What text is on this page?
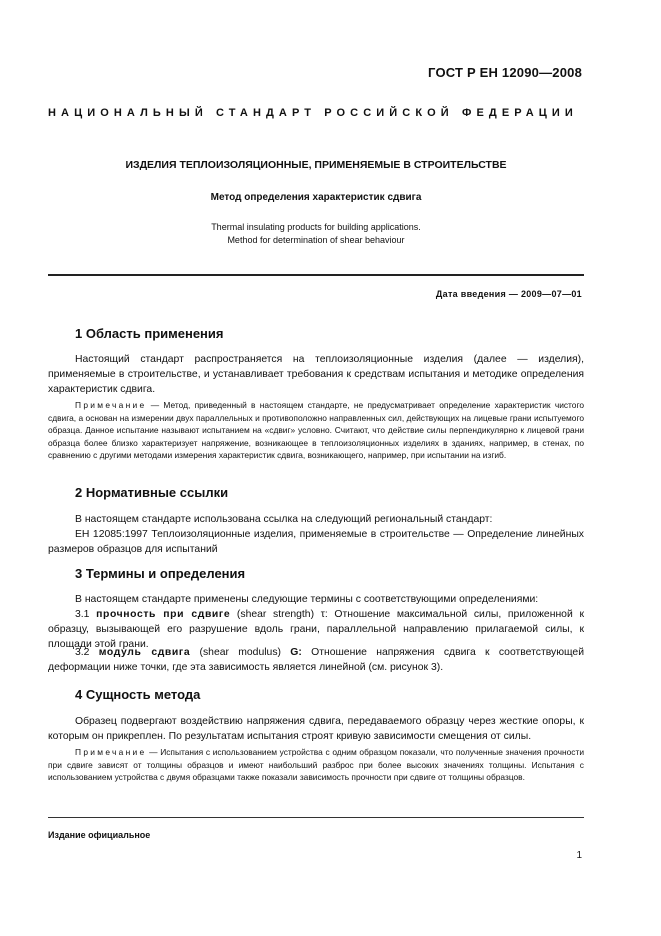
ГОСТ Р ЕН 12090—2008
НАЦИОНАЛЬНЫЙ СТАНДАРТ РОССИЙСКОЙ ФЕДЕРАЦИИ
ИЗДЕЛИЯ ТЕПЛОИЗОЛЯЦИОННЫЕ, ПРИМЕНЯЕМЫЕ В СТРОИТЕЛЬСТВЕ
Метод определения характеристик сдвига
Thermal insulating products for building applications.
Method for determination of shear behaviour
Дата введения — 2009—07—01
1 Область применения
Настоящий стандарт распространяется на теплоизоляционные изделия (далее — изделия), применяемые в строительстве, и устанавливает требования к средствам испытания и методике определения характеристик сдвига.
Примечание — Метод, приведенный в настоящем стандарте, не предусматривает определение характеристик чистого сдвига, а основан на измерении двух параллельных и противоположно направленных сил, действующих на лицевые грани испытуемого образца. Данное испытание называют испытанием на «сдвиг» условно. Считают, что действие силы перпендикулярно к лицевой грани образца более близко характеризует напряжение, возникающее в теплоизоляционных изделиях в зданиях, например, в стенах, по сравнению с другими методами измерения характеристик сдвига, возникающего, например, при испытании на изгиб.
2 Нормативные ссылки
В настоящем стандарте использована ссылка на следующий региональный стандарт:
ЕН 12085:1997 Теплоизоляционные изделия, применяемые в строительстве — Определение линейных размеров образцов для испытаний
3 Термины и определения
В настоящем стандарте применены следующие термины с соответствующими определениями:
3.1 прочность при сдвиге (shear strength) τ: Отношение максимальной силы, приложенной к образцу, вызывающей его разрушение вдоль грани, параллельной направлению прилагаемой силы, к площади этой грани.
3.2 модуль сдвига (shear modulus) G: Отношение напряжения сдвига к соответствующей деформации ниже точки, где эта зависимость является линейной (см. рисунок 3).
4 Сущность метода
Образец подвергают воздействию напряжения сдвига, передаваемого образцу через жесткие опоры, к которым он прикреплен. По результатам испытания строят кривую зависимости смещения от силы.
Примечание — Испытания с использованием устройства с одним образцом показали, что полученные значения прочности при сдвиге зависят от толщины образцов и имеют наибольший разброс при более высоких значениях толщины. Испытания с использованием устройства с двумя образцами также показали зависимость прочности при сдвиге от толщины образцов.
Издание официальное
1
